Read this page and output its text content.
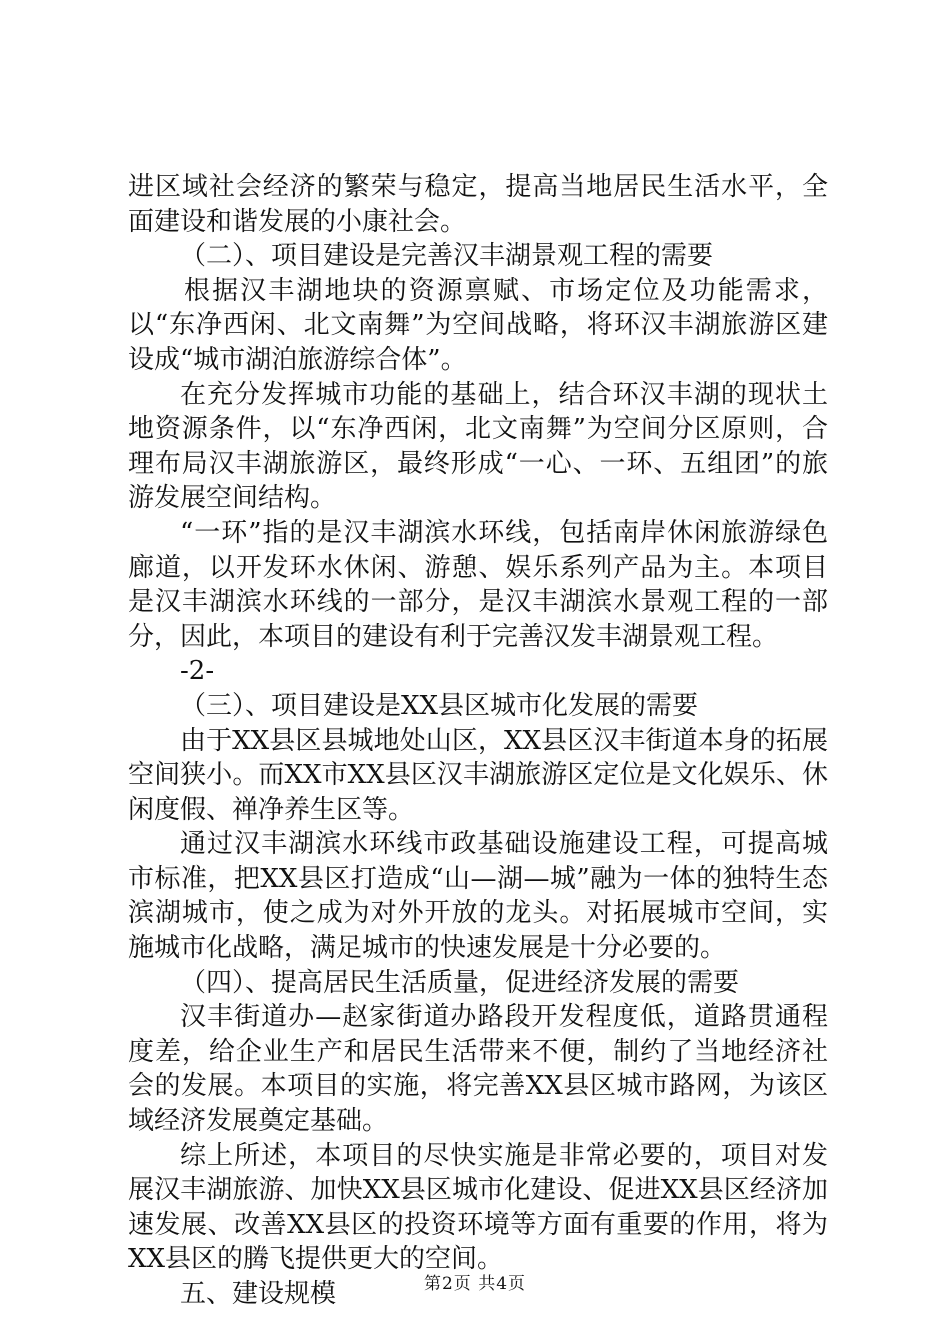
进区域社会经济的繁荣与稳定，提高当地居民生活水平，全面建设和谐发展的小康社会。

（二）、项目建设是完善汉丰湖景观工程的需要

根据汉丰湖地块的资源禀赋、市场定位及功能需求，以“东净西闲、北文南舞”为空间战略，将环汉丰湖旅游区建设成“城市湖泊旅游综合体”。

在充分发挥城市功能的基础上，结合环汉丰湖的现状土地资源条件，以“东净西闲，北文南舞”为空间分区原则，合理布局汉丰湖旅游区，最终形成“一心、一环、五组团”的旅游发展空间结构。

“一环”指的是汉丰湖滨水环线，包括南岸休闲旅游绿色廊道，以开发环水休闲、游憩、娱乐系列产品为主。本项目是汉丰湖滨水环线的一部分，是汉丰湖滨水景观工程的一部分，因此，本项目的建设有利于完善汉发丰湖景观工程。

-2-

（三）、项目建设是XX县区城市化发展的需要

由于XX县区县城地处山区，XX县区汉丰街道本身的拓展空间狭小。而XX市XX县区汉丰湖旅游区定位是文化娱乐、休闲度假、禅净养生区等。

通过汉丰湖滨水环线市政基础设施建设工程，可提高城市标准，把XX县区打造成“山—湖—城”融为一体的独特生态滨湖城市，使之成为对外开放的龙头。对拓展城市空间，实施城市化战略，满足城市的快速发展是十分必要的。

（四）、提高居民生活质量，促进经济发展的需要

汉丰街道办—赵家街道办路段开发程度低，道路贯通程度差，给企业生产和居民生活带来不便，制约了当地经济社会的发展。本项目的实施，将完善XX县区城市路网，为该区域经济发展奠定基础。

综上所述，本项目的尽快实施是非常必要的，项目对发展汉丰湖旅游、加快XX县区城市化建设、促进XX县区经济加速发展、改善XX县区的投资环境等方面有重要的作用，将为XX县区的腾飞提供更大的空间。

五、建设规模	第2页 共4页
